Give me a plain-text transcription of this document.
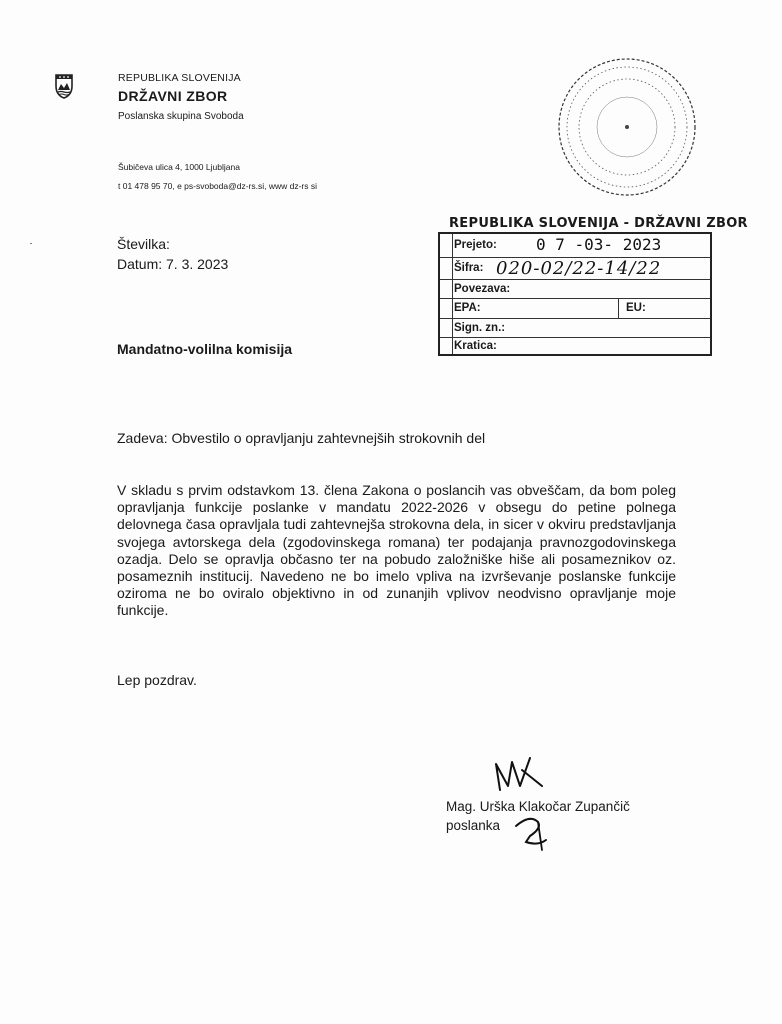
REPUBLIKA SLOVENIJA
DRŽAVNI ZBOR
Poslanska skupina Svoboda
Šubičeva ulica 4, 1000 Ljubljana
t 01 478 95 70, e ps-svoboda@dz-rs.si, www dz-rs si
REPUBLIKA SLOVENIJA - DRŽAVNI ZBOR
Prejeto: 0 7 -03- 2023
Šifra: 020-02/22-14/22
Povezava:
EPA:	EU:
Sign. zn.:
Kratica:
Številka:
Datum: 7. 3. 2023
Mandatno-volilna komisija
Zadeva: Obvestilo o opravljanju zahtevnejših strokovnih del

V skladu s prvim odstavkom 13. člena Zakona o poslancih vas obveščam, da bom poleg opravljanja funkcije poslanke v mandatu 2022-2026 v obsegu do petine polnega delovnega časa opravljala tudi zahtevnejša strokovna dela, in sicer v okviru predstavljanja svojega avtorskega dela (zgodovinskega romana) ter podajanja pravnozgodovinskega ozadja. Delo se opravlja občasno ter na pobudo založniške hiše ali posameznikov oz. posameznih institucij. Navedeno ne bo imelo vpliva na izvrševanje poslanske funkcije oziroma ne bo oviralo objektivno in od zunanjih vplivov neodvisno opravljanje moje funkcije.

Lep pozdrav.
Mag. Urška Klakočar Zupančič
poslanka
